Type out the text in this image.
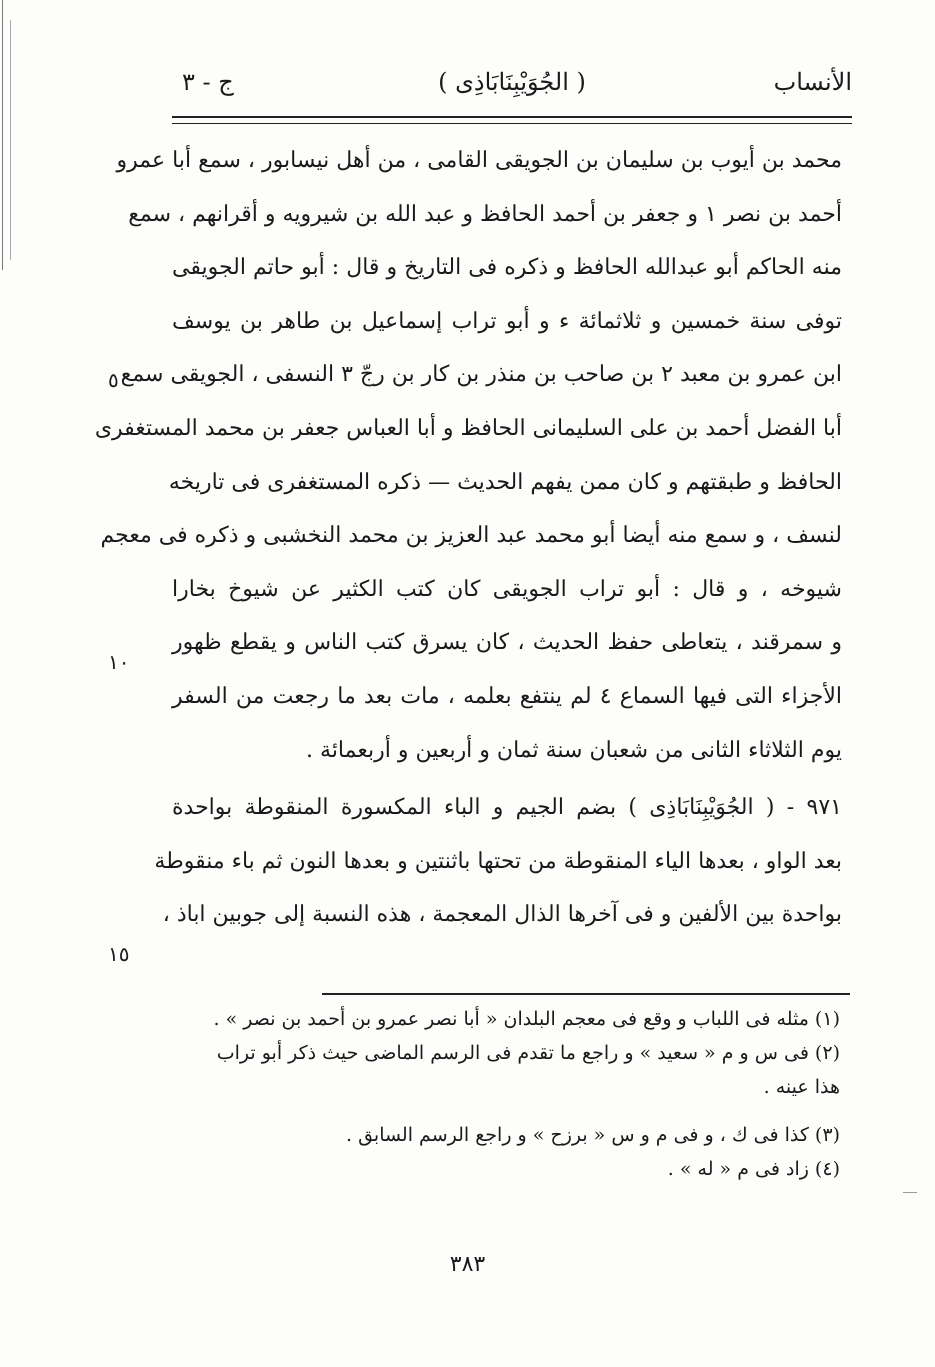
الأنساب
( الجُوَيْبِنَابَاذِى )
ج - ٣
محمد بن أيوب بن سليمان بن الجويقى القامى ، من أهل نيسابور ، سمع أبا عمرو
أحمد بن نصر ١ و جعفر بن أحمد الحافظ و عبد الله بن شيرويه و أقرانهم ، سمع
منه الحاكم أبو عبدالله الحافظ و ذكره فى التاريخ و قال : أبو حاتم الجويقى
توفى سنة خمسين و ثلاثمائة ء و أبو تراب إسماعيل بن طاهر بن يوسف
ابن عمرو بن معبد ٢ بن صاحب بن منذر بن كار بن رجّ ٣ النسفى ، الجويقى سمع
أبا الفضل أحمد بن على السليمانى الحافظ و أبا العباس جعفر بن محمد المستغفرى
الحافظ و طبقتهم و كان ممن يفهم الحديث — ذكره المستغفرى فى تاريخه
لنسف ، و سمع منه أيضا أبو محمد عبد العزيز بن محمد النخشبى و ذكره فى معجم
شيوخه ، و قال : أبو تراب الجويقى كان كتب الكثير عن شيوخ بخارا
و سمرقند ، يتعاطى حفظ الحديث ، كان يسرق كتب الناس و يقطع ظهور
الأجزاء التى فيها السماع ٤ لم ينتفع بعلمه ، مات بعد ما رجعت من السفر
يوم الثلاثاء الثانى من شعبان سنة ثمان و أربعين و أربعمائة .
٩٧١ - ( الجُوَيْبِنَابَاذِى ) بضم الجيم و الباء المكسورة المنقوطة بواحدة
بعد الواو ، بعدها الياء المنقوطة من تحتها باثنتين و بعدها النون ثم باء منقوطة
بواحدة بين الألفين و فى آخرها الذال المعجمة ، هذه النسبة إلى جوبين اباذ ،
٥
١٠
١٥
(١) مثله فى اللباب و وقع فى معجم البلدان « أبا نصر عمرو بن أحمد بن نصر » .
(٢) فى س و م « سعيد » و راجع ما تقدم فى الرسم الماضى حيث ذكر أبو تراب
هذا عينه .
(٣) كذا فى ك ، و فى م و س « برزح » و راجع الرسم السابق .
(٤) زاد فى م « له » .
٣٨٣
